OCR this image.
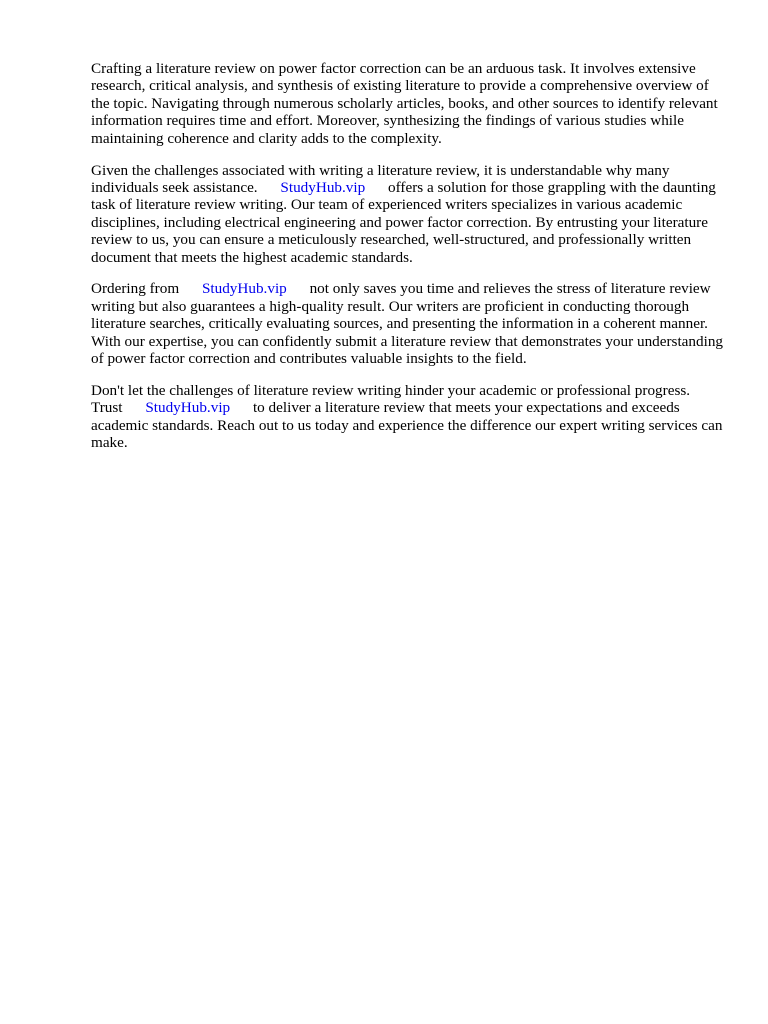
Crafting a literature review on power factor correction can be an arduous task. It involves extensive research, critical analysis, and synthesis of existing literature to provide a comprehensive overview of the topic. Navigating through numerous scholarly articles, books, and other sources to identify relevant information requires time and effort. Moreover, synthesizing the findings of various studies while maintaining coherence and clarity adds to the complexity.

Given the challenges associated with writing a literature review, it is understandable why many individuals seek assistance. StudyHub.vip offers a solution for those grappling with the daunting task of literature review writing. Our team of experienced writers specializes in various academic disciplines, including electrical engineering and power factor correction. By entrusting your literature review to us, you can ensure a meticulously researched, well-structured, and professionally written document that meets the highest academic standards.

Ordering from StudyHub.vip not only saves you time and relieves the stress of literature review writing but also guarantees a high-quality result. Our writers are proficient in conducting thorough literature searches, critically evaluating sources, and presenting the information in a coherent manner. With our expertise, you can confidently submit a literature review that demonstrates your understanding of power factor correction and contributes valuable insights to the field.

Don't let the challenges of literature review writing hinder your academic or professional progress. Trust StudyHub.vip to deliver a literature review that meets your expectations and exceeds academic standards. Reach out to us today and experience the difference our expert writing services can make.
